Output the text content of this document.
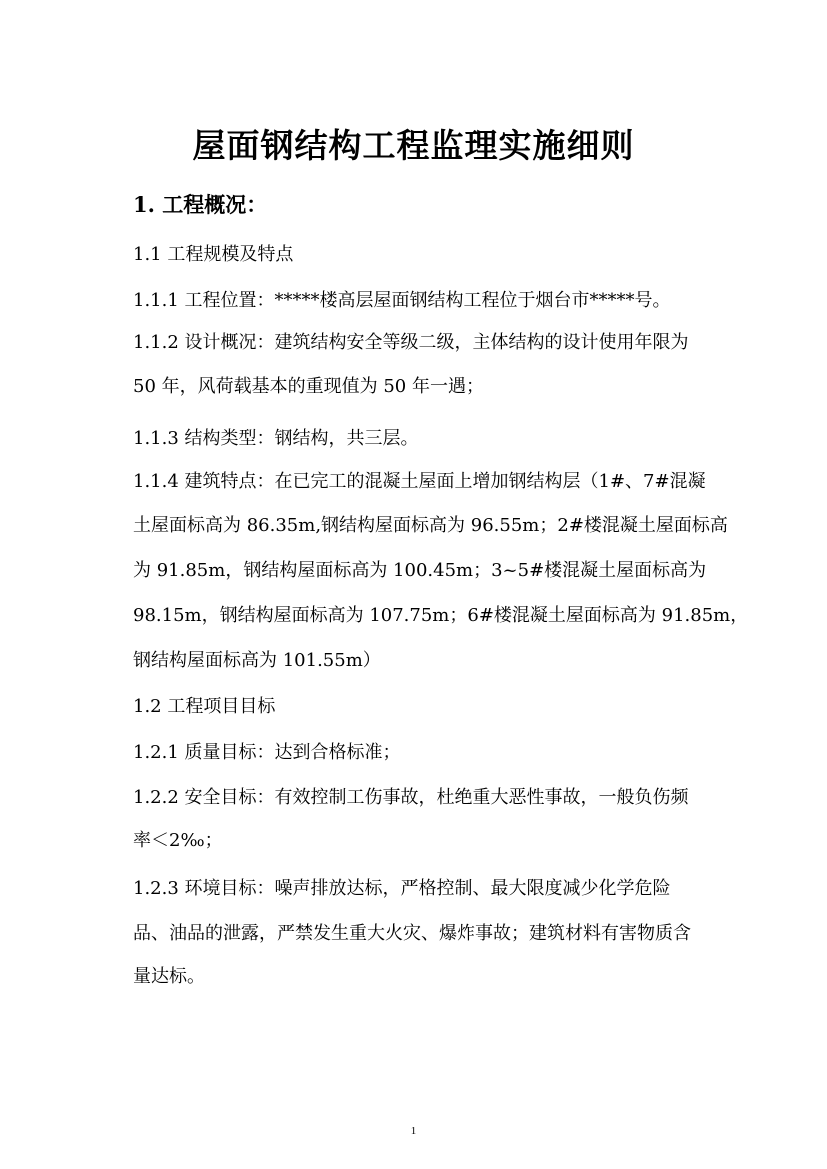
屋面钢结构工程监理实施细则
1. 工程概况：
1.1 工程规模及特点
1.1.1 工程位置：*****楼高层屋面钢结构工程位于烟台市*****号。
1.1.2 设计概况：建筑结构安全等级二级，主体结构的设计使用年限为
50 年，风荷载基本的重现值为 50 年一遇；
1.1.3 结构类型：钢结构，共三层。
1.1.4 建筑特点：在已完工的混凝土屋面上增加钢结构层（1#、7#混凝
土屋面标高为 86.35m,钢结构屋面标高为 96.55m；2#楼混凝土屋面标高
为 91.85m，钢结构屋面标高为 100.45m；3~5#楼混凝土屋面标高为
98.15m，钢结构屋面标高为 107.75m；6#楼混凝土屋面标高为 91.85m，
钢结构屋面标高为 101.55m）
1.2 工程项目目标
1.2.1 质量目标：达到合格标准；
1.2.2 安全目标：有效控制工伤事故，杜绝重大恶性事故，一般负伤频
率＜2‰；
1.2.3 环境目标：噪声排放达标，严格控制、最大限度减少化学危险
品、油品的泄露，严禁发生重大火灾、爆炸事故；建筑材料有害物质含
量达标。
1
